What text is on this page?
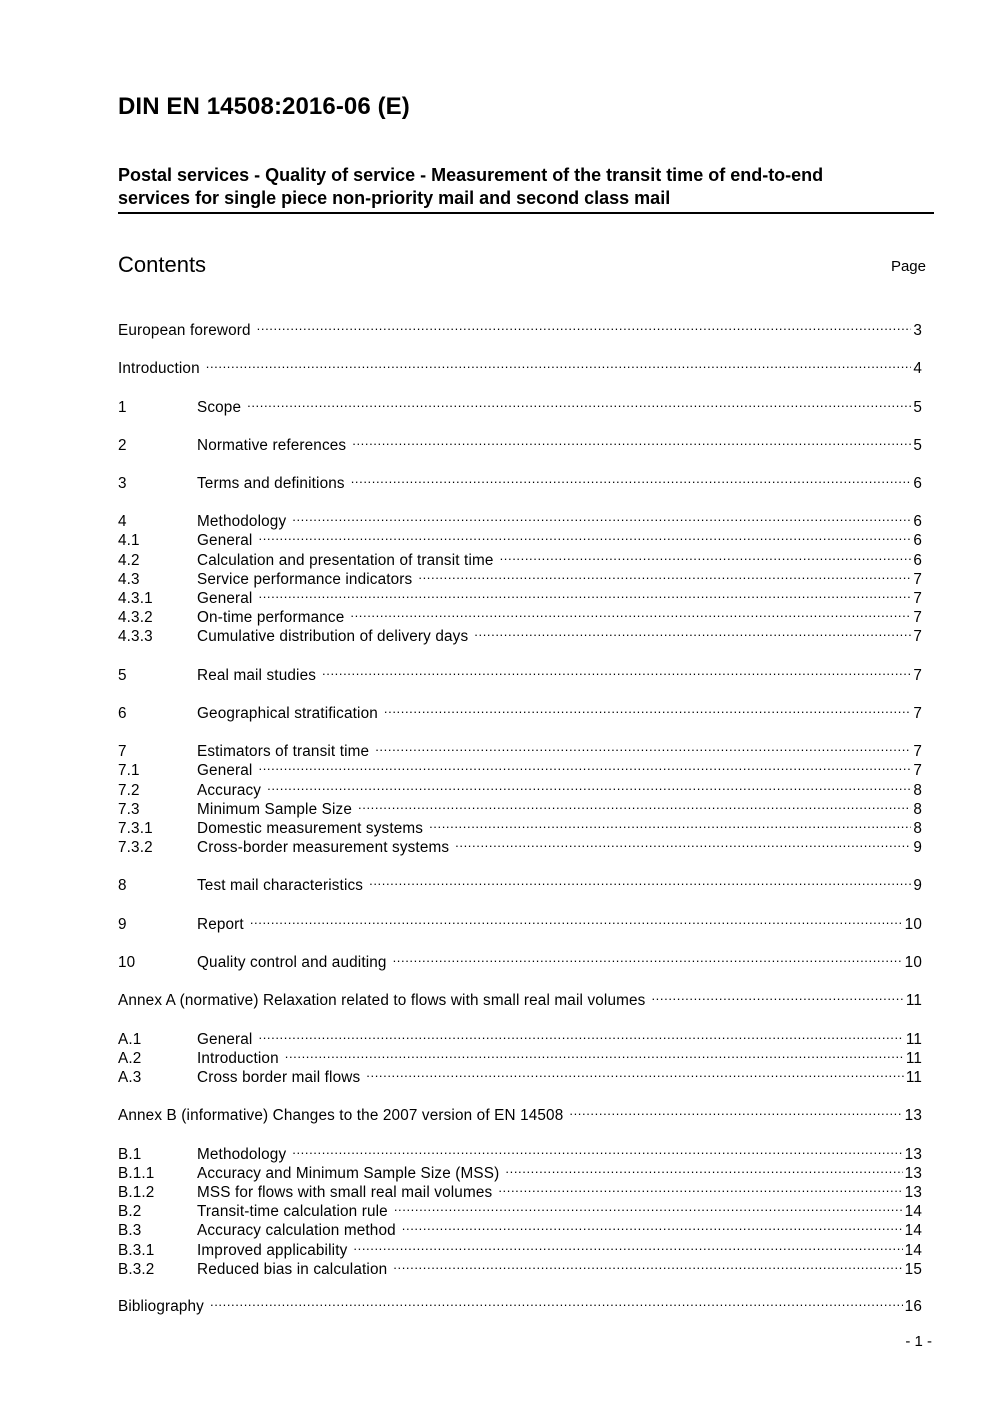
DIN EN 14508:2016-06 (E)
Postal services - Quality of service - Measurement of the transit time of end-to-end
services for single piece non-priority mail and second class mail
Contents	Page
European foreword .....	3
Introduction .....	4
1	Scope .....	5
2	Normative references .....	5
3	Terms and definitions .....	6
4	Methodology .....	6
4.1	General .....	6
4.2	Calculation and presentation of transit time .....	6
4.3	Service performance indicators .....	7
4.3.1	General .....	7
4.3.2	On-time performance .....	7
4.3.3	Cumulative distribution of delivery days .....	7
5	Real mail studies .....	7
6	Geographical stratification .....	7
7	Estimators of transit time .....	7
7.1	General .....	7
7.2	Accuracy .....	8
7.3	Minimum Sample Size .....	8
7.3.1	Domestic measurement systems .....	8
7.3.2	Cross-border measurement systems .....	9
8	Test mail characteristics .....	9
9	Report .....	10
10	Quality control and auditing .....	10
Annex A (normative) Relaxation related to flows with small real mail volumes .....	11
A.1	General .....	11
A.2	Introduction .....	11
A.3	Cross border mail flows .....	11
Annex B (informative) Changes to the 2007 version of EN 14508 .....	13
B.1	Methodology .....	13
B.1.1	Accuracy and Minimum Sample Size (MSS) .....	13
B.1.2	MSS for flows with small real mail volumes .....	13
B.2	Transit-time calculation rule .....	14
B.3	Accuracy calculation method .....	14
B.3.1	Improved applicability .....	14
B.3.2	Reduced bias in calculation .....	15
Bibliography .....	16
- 1 -
